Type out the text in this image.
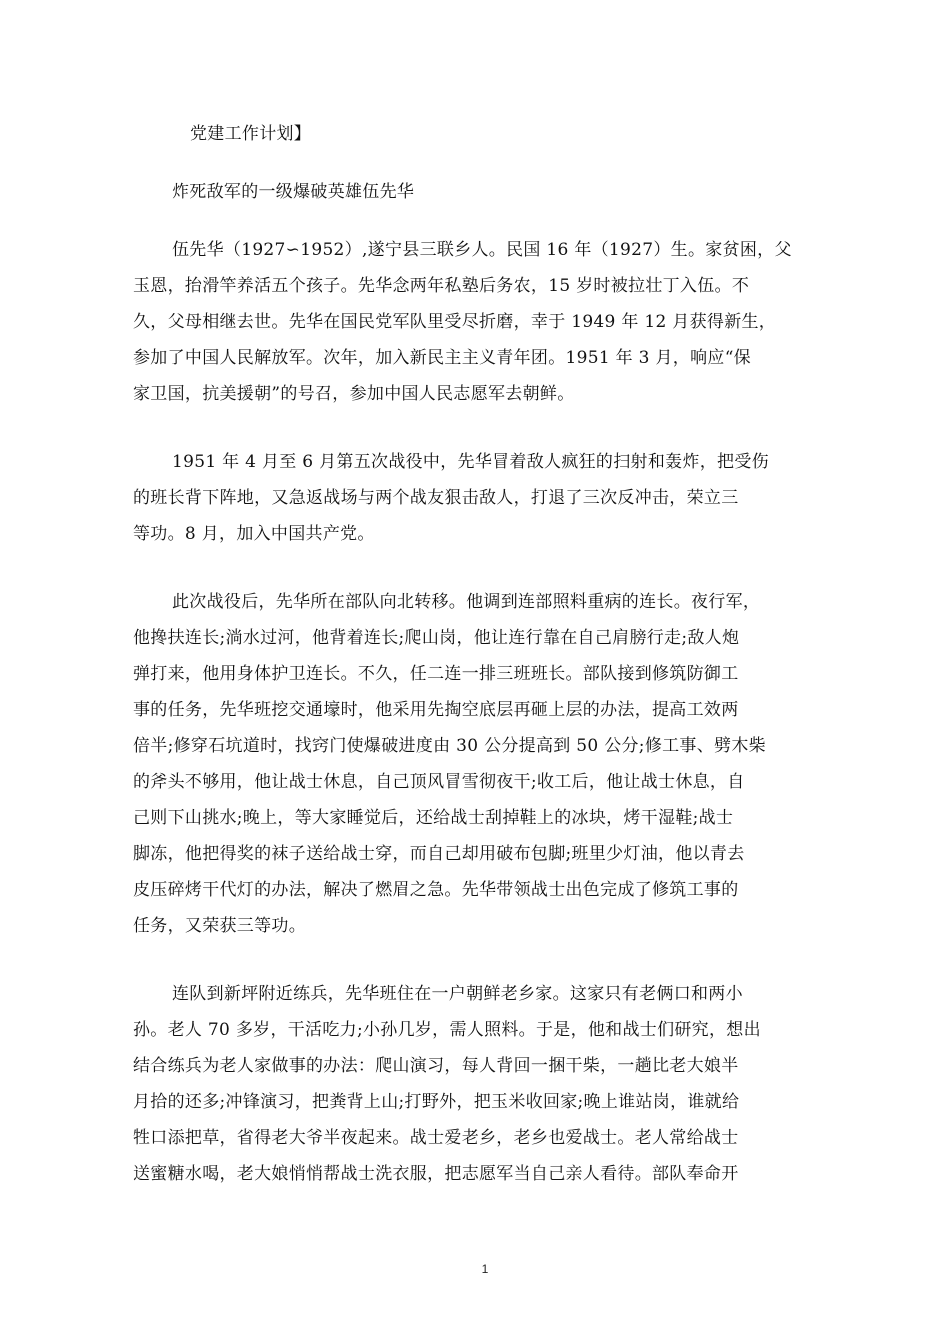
党建工作计划】
炸死敌军的一级爆破英雄伍先华
伍先华（1927∽1952）,遂宁县三联乡人。民国 16 年（1927）生。家贫困，父
玉恩，抬滑竿养活五个孩子。先华念两年私塾后务农，15 岁时被拉壮丁入伍。不
久，父母相继去世。先华在国民党军队里受尽折磨，幸于 1949 年 12 月获得新生，
参加了中国人民解放军。次年，加入新民主主义青年团。1951 年 3 月，响应“保
家卫国，抗美援朝”的号召，参加中国人民志愿军去朝鲜。
1951 年 4 月至 6 月第五次战役中，先华冒着敌人疯狂的扫射和轰炸，把受伤
的班长背下阵地，又急返战场与两个战友狠击敌人，打退了三次反冲击，荣立三
等功。8 月，加入中国共产党。
此次战役后，先华所在部队向北转移。他调到连部照料重病的连长。夜行军，
他搀扶连长;淌水过河，他背着连长;爬山岗，他让连行靠在自己肩膀行走;敌人炮
弹打来，他用身体护卫连长。不久，任二连一排三班班长。部队接到修筑防御工
事的任务，先华班挖交通壕时，他采用先掏空底层再砸上层的办法，提高工效两
倍半;修穿石坑道时，找窍门使爆破进度由 30 公分提高到 50 公分;修工事、劈木柴
的斧头不够用，他让战士休息，自己顶风冒雪彻夜干;收工后，他让战士休息，自
己则下山挑水;晚上，等大家睡觉后，还给战士刮掉鞋上的冰块，烤干湿鞋;战士
脚冻，他把得奖的袜子送给战士穿，而自己却用破布包脚;班里少灯油，他以青去
皮压碎烤干代灯的办法，解决了燃眉之急。先华带领战士出色完成了修筑工事的
任务，又荣获三等功。
连队到新坪附近练兵，先华班住在一户朝鲜老乡家。这家只有老俩口和两小
孙。老人 70 多岁，干活吃力;小孙几岁，需人照料。于是，他和战士们研究，想出
结合练兵为老人家做事的办法：爬山演习，每人背回一捆干柴，一趟比老大娘半
月拾的还多;冲锋演习，把粪背上山;打野外，把玉米收回家;晚上谁站岗，谁就给
牲口添把草，省得老大爷半夜起来。战士爱老乡，老乡也爱战士。老人常给战士
送蜜糖水喝，老大娘悄悄帮战士洗衣服，把志愿军当自己亲人看待。部队奉命开
1
